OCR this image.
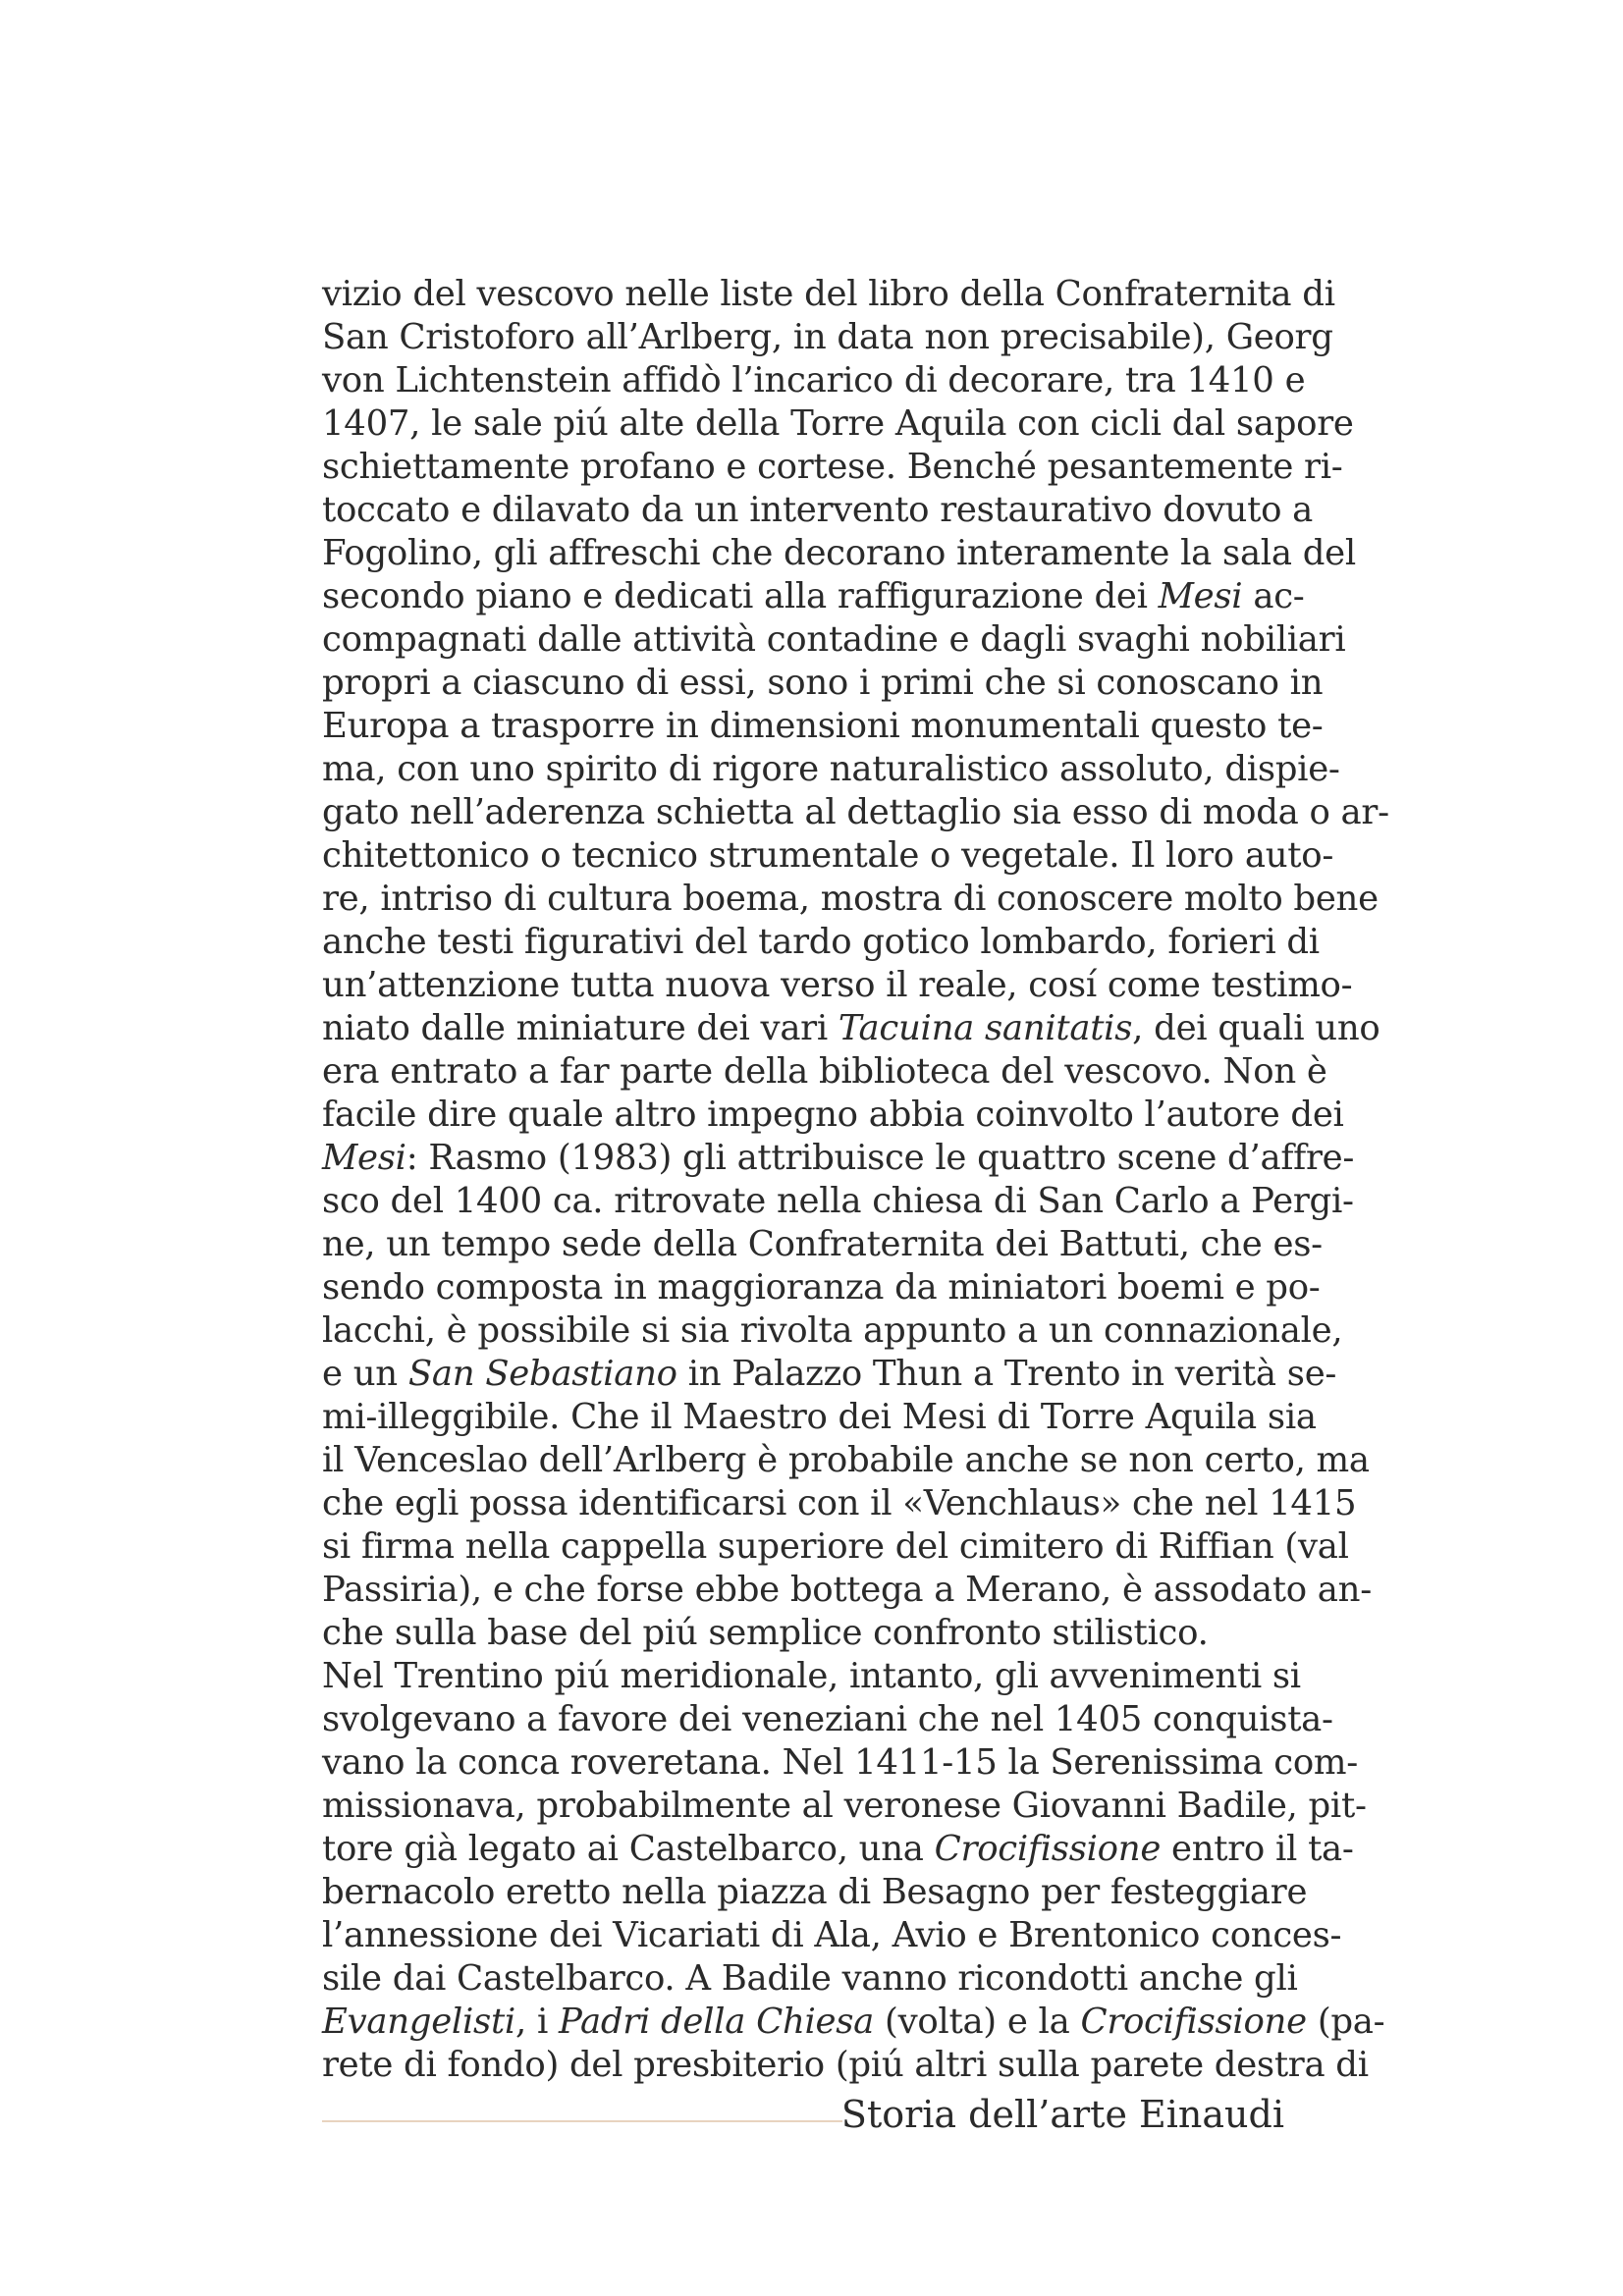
vizio del vescovo nelle liste del libro della Confraternita di
San Cristoforo all’Arlberg, in data non precisabile), Georg
von Lichtenstein affidò l’incarico di decorare, tra 1410 e
1407, le sale piú alte della Torre Aquila con cicli dal sapore
schiettamente profano e cortese. Benché pesantemente ri-
toccato e dilavato da un intervento restaurativo dovuto a
Fogolino, gli affreschi che decorano interamente la sala del
secondo piano e dedicati alla raffigurazione dei Mesi ac-
compagnati dalle attività contadine e dagli svaghi nobiliari
propri a ciascuno di essi, sono i primi che si conoscano in
Europa a trasporre in dimensioni monumentali questo te-
ma, con uno spirito di rigore naturalistico assoluto, dispie-
gato nell’aderenza schietta al dettaglio sia esso di moda o ar-
chitettonico o tecnico strumentale o vegetale. Il loro auto-
re, intriso di cultura boema, mostra di conoscere molto bene
anche testi figurativi del tardo gotico lombardo, forieri di
un’attenzione tutta nuova verso il reale, cosí come testimo-
niato dalle miniature dei vari Tacuina sanitatis, dei quali uno
era entrato a far parte della biblioteca del vescovo. Non è
facile dire quale altro impegno abbia coinvolto l’autore dei
Mesi: Rasmo (1983) gli attribuisce le quattro scene d’affre-
sco del 1400 ca. ritrovate nella chiesa di San Carlo a Pergi-
ne, un tempo sede della Confraternita dei Battuti, che es-
sendo composta in maggioranza da miniatori boemi e po-
lacchi, è possibile si sia rivolta appunto a un connazionale,
e un San Sebastiano in Palazzo Thun a Trento in verità se-
mi-illeggibile. Che il Maestro dei Mesi di Torre Aquila sia
il Venceslao dell’Arlberg è probabile anche se non certo, ma
che egli possa identificarsi con il «Venchlaus» che nel 1415
si firma nella cappella superiore del cimitero di Riffian (val
Passiria), e che forse ebbe bottega a Merano, è assodato an-
che sulla base del piú semplice confronto stilistico.
Nel Trentino piú meridionale, intanto, gli avvenimenti si
svolgevano a favore dei veneziani che nel 1405 conquista-
vano la conca roveretana. Nel 1411-15 la Serenissima com-
missionava, probabilmente al veronese Giovanni Badile, pit-
tore già legato ai Castelbarco, una Crocifissione entro il ta-
bernacolo eretto nella piazza di Besagno per festeggiare
l’annessione dei Vicariati di Ala, Avio e Brentonico conces-
sile dai Castelbarco. A Badile vanno ricondotti anche gli
Evangelisti, i Padri della Chiesa (volta) e la Crocifissione (pa-
rete di fondo) del presbiterio (piú altri sulla parete destra di
Storia dell’arte Einaudi
